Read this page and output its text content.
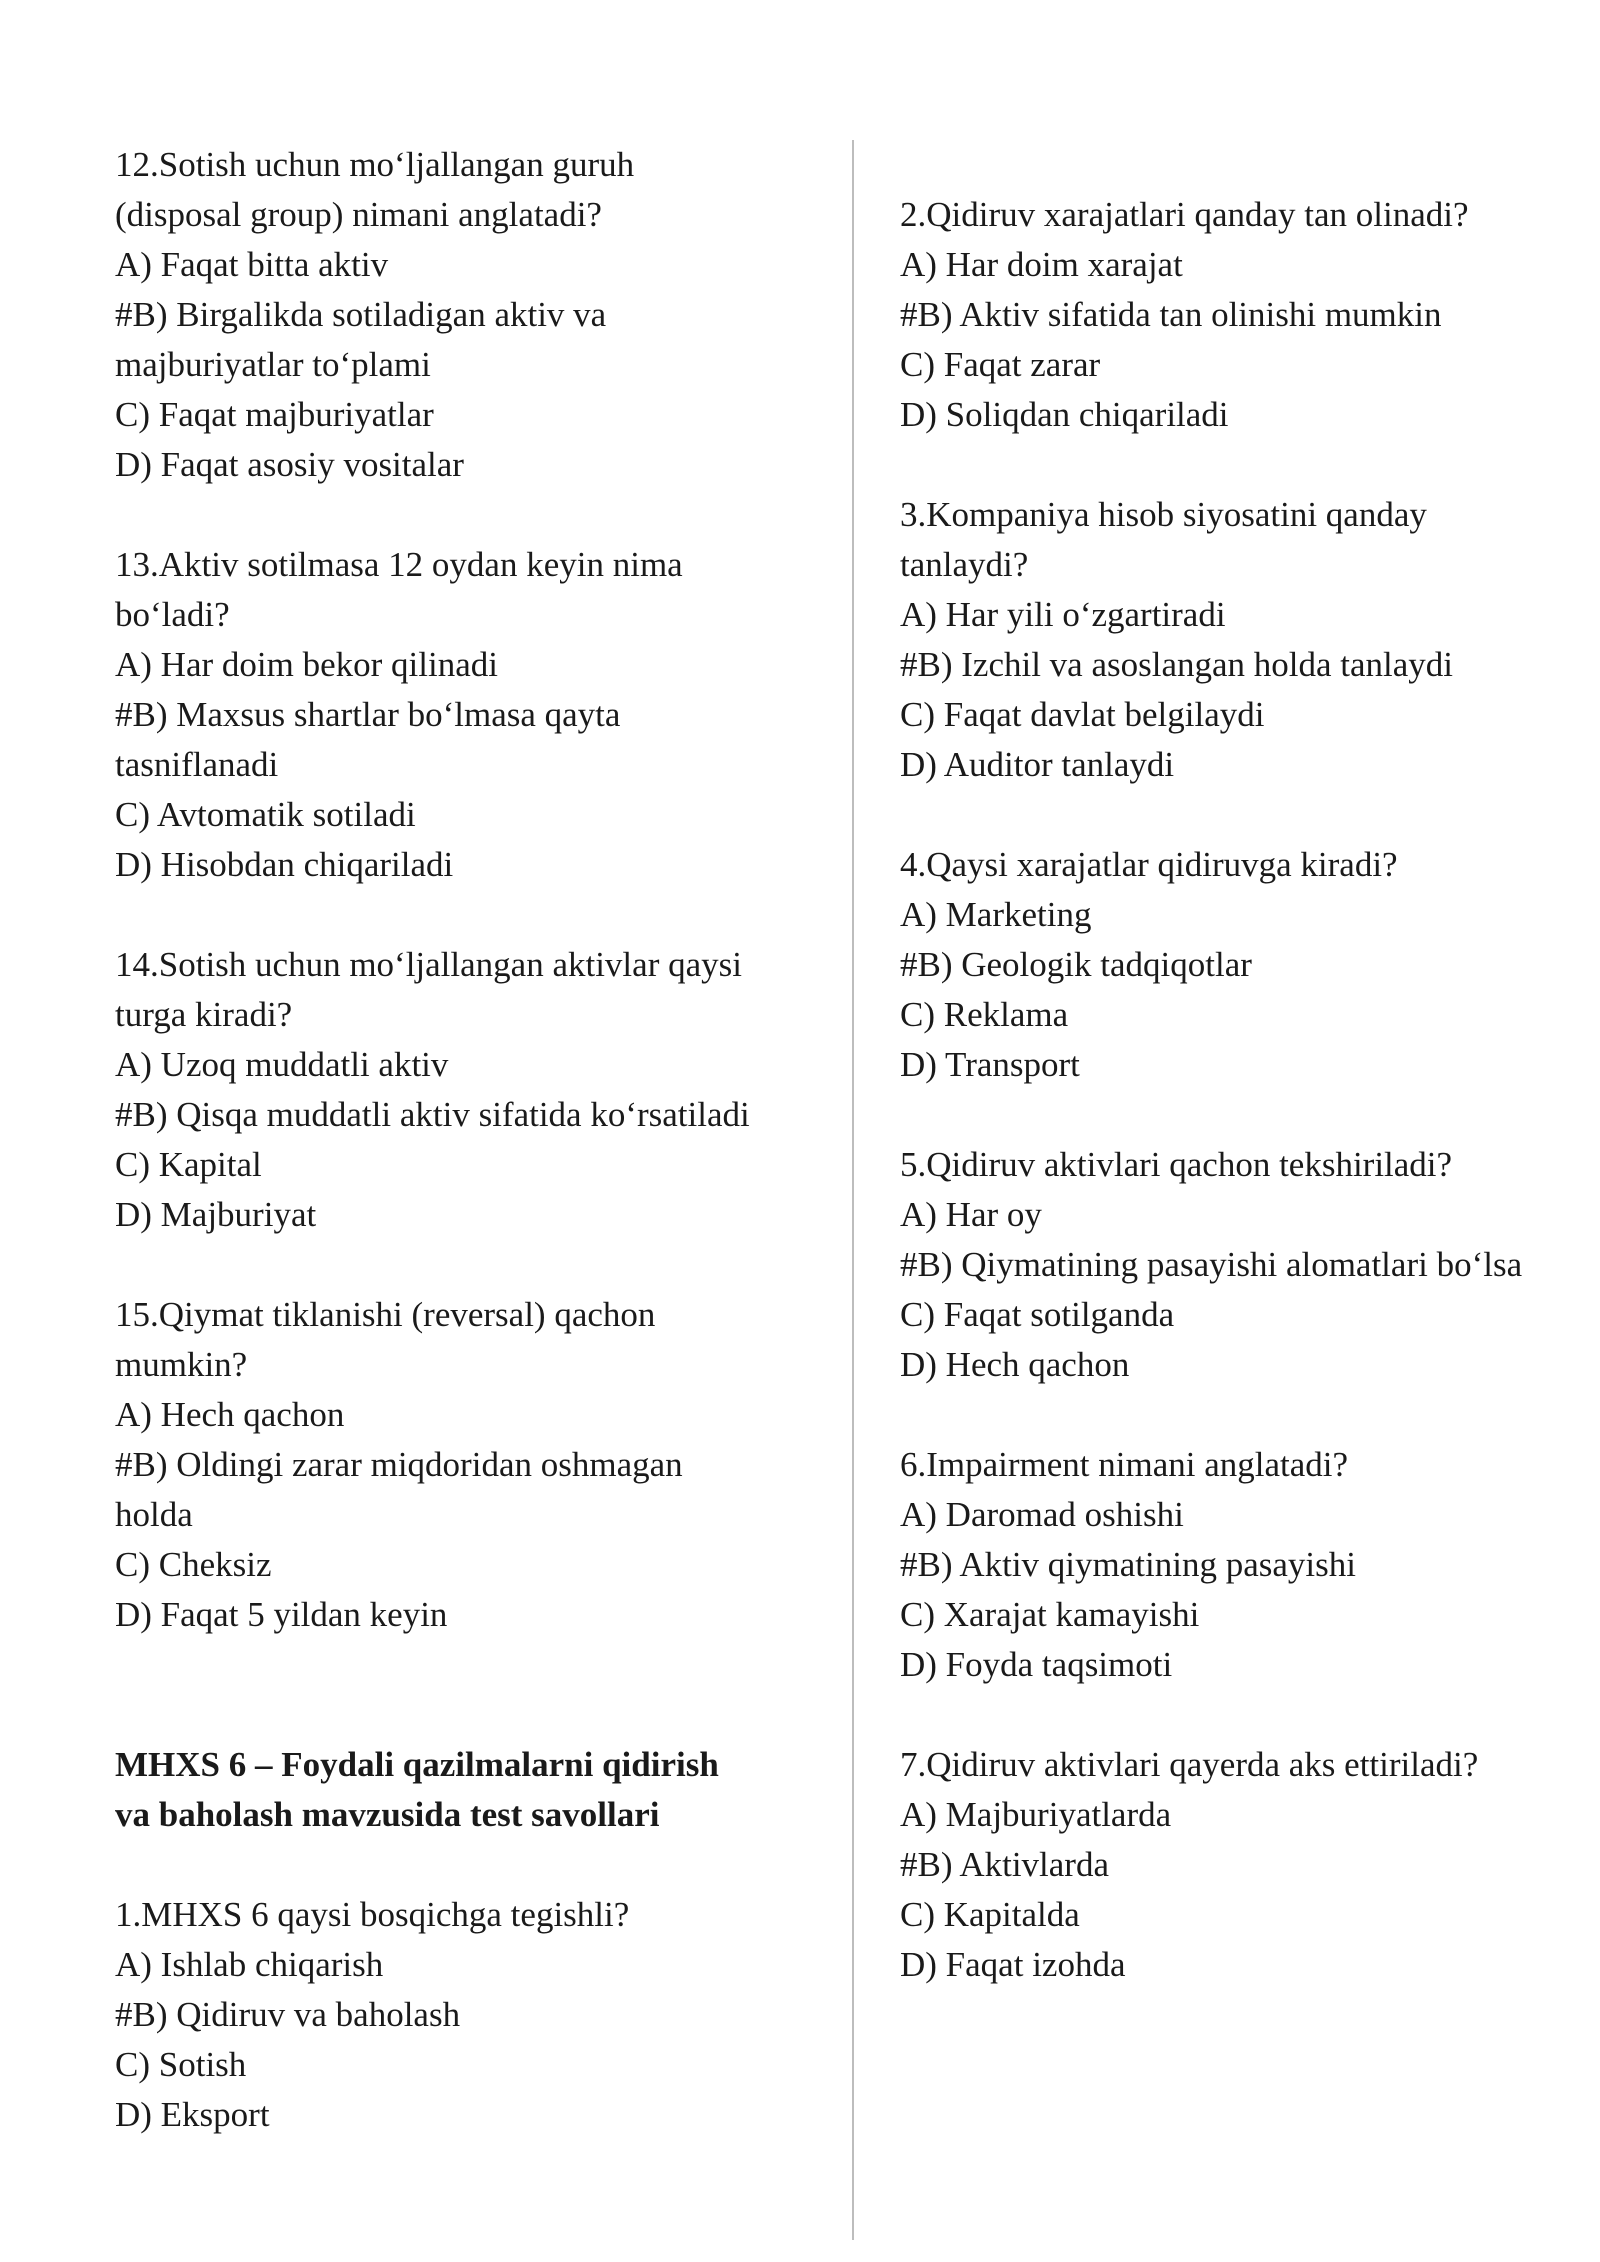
12.Sotish uchun mo‘ljallangan guruh
(disposal group) nimani anglatadi?
A) Faqat bitta aktiv
#B) Birgalikda sotiladigan aktiv va
majburiyatlar to‘plami
C) Faqat majburiyatlar
D) Faqat asosiy vositalar
13.Aktiv sotilmasa 12 oydan keyin nima
bo‘ladi?
A) Har doim bekor qilinadi
#B) Maxsus shartlar bo‘lmasa qayta
tasniflanadi
C) Avtomatik sotiladi
D) Hisobdan chiqariladi
14.Sotish uchun mo‘ljallangan aktivlar qaysi
turga kiradi?
A) Uzoq muddatli aktiv
#B) Qisqa muddatli aktiv sifatida ko‘rsatiladi
C) Kapital
D) Majburiyat
15.Qiymat tiklanishi (reversal) qachon
mumkin?
A) Hech qachon
#B) Oldingi zarar miqdoridan oshmagan
holda
C) Cheksiz
D) Faqat 5 yildan keyin
MHXS 6 – Foydali qazilmalarni qidirish
va baholash mavzusida test savollari
1.MHXS 6 qaysi bosqichga tegishli?
A) Ishlab chiqarish
#B) Qidiruv va baholash
C) Sotish
D) Eksport
2.Qidiruv xarajatlari qanday tan olinadi?
A) Har doim xarajat
#B) Aktiv sifatida tan olinishi mumkin
C) Faqat zarar
D) Soliqdan chiqariladi
3.Kompaniya hisob siyosatini qanday
tanlaydi?
A) Har yili o‘zgartiradi
#B) Izchil va asoslangan holda tanlaydi
C) Faqat davlat belgilaydi
D) Auditor tanlaydi
4.Qaysi xarajatlar qidiruvga kiradi?
A) Marketing
#B) Geologik tadqiqotlar
C) Reklama
D) Transport
5.Qidiruv aktivlari qachon tekshiriladi?
A) Har oy
#B) Qiymatining pasayishi alomatlari bo‘lsa
C) Faqat sotilganda
D) Hech qachon
6.Impairment nimani anglatadi?
A) Daromad oshishi
#B) Aktiv qiymatining pasayishi
C) Xarajat kamayishi
D) Foyda taqsimoti
7.Qidiruv aktivlari qayerda aks ettiriladi?
A) Majburiyatlarda
#B) Aktivlarda
C) Kapitalda
D) Faqat izohda
